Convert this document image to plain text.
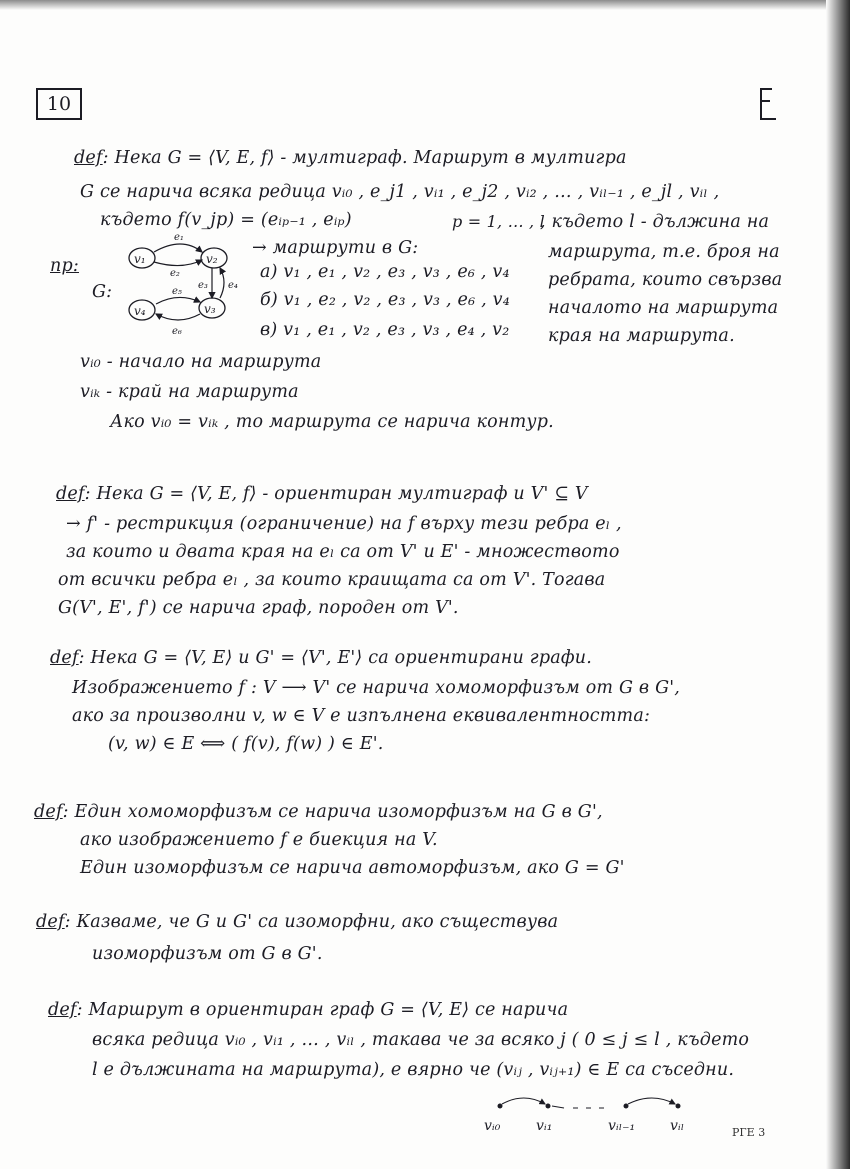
10
def: Нека G = ⟨V, E, f⟩ - мултиграф. Маршрут в мултигра
G се нарича всяка редица vᵢ₀ , e_j1 , vᵢ₁ , e_j2 , vᵢ₂ , … , vᵢₗ₋₁ , e_jl , vᵢₗ ,
където f(v_jp) = (eᵢₚ₋₁ , eᵢₚ)	p = 1, … , l
, където l - дължина на
маршрута, т.е. броя на
ребрата, които свързва
началото на маршрута
края на маршрута.
пр:
G:
v₁	v₂
v₃
v₄
e₁
e₂
e₃ e₄
e₅
e₆
→ маршрути в G:
а) v₁ , e₁ , v₂ , e₃ , v₃ , e₆ , v₄
б) v₁ , e₂ , v₂ , e₃ , v₃ , e₆ , v₄
в) v₁ , e₁ , v₂ , e₃ , v₃ , e₄ , v₂
vᵢ₀ - начало на маршрута
vᵢₖ - край на маршрута
Ако vᵢ₀ = vᵢₖ , то маршрута се нарича контур.
def: Нека G = ⟨V, E, f⟩ - ориентиран мултиграф и V' ⊆ V
→ f' - рестрикция (ограничение) на f върху тези ребра eₗ ,
за които и двата края на eₗ са от V' и E' - множеството
от всички ребра eₗ , за които краищата са от V'. Тогава
G(V', E', f') се нарича граф, породен от V'.
def: Нека G = ⟨V, E⟩ и G' = ⟨V', E'⟩ са ориентирани графи.
Изображението f : V ⟶ V' се нарича хомоморфизъм от G в G',
ако за произволни v, w ∈ V е изпълнена еквивалентността:
(v, w) ∈ E ⟺ ( f(v), f(w) ) ∈ E'.
def: Един хомоморфизъм се нарича изоморфизъм на G в G',
ако изображението f е биекция на V.
Един изоморфизъм се нарича автоморфизъм, ако G = G'
def: Казваме, че G и G' са изоморфни, ако съществува
изоморфизъм от G в G'.
def: Маршрут в ориентиран граф G = ⟨V, E⟩ се нарича
всяка редица vᵢ₀ , vᵢ₁ , … , vᵢₗ , такава че за всяко j ( 0 ≤ j ≤ l , където
l е дължината на маршрута), е вярно че (vᵢⱼ , vᵢⱼ₊₁) ∈ E са съседни.
vᵢ₀	vᵢ₁	vᵢₗ₋₁ vᵢₗ	РГЕ 3
